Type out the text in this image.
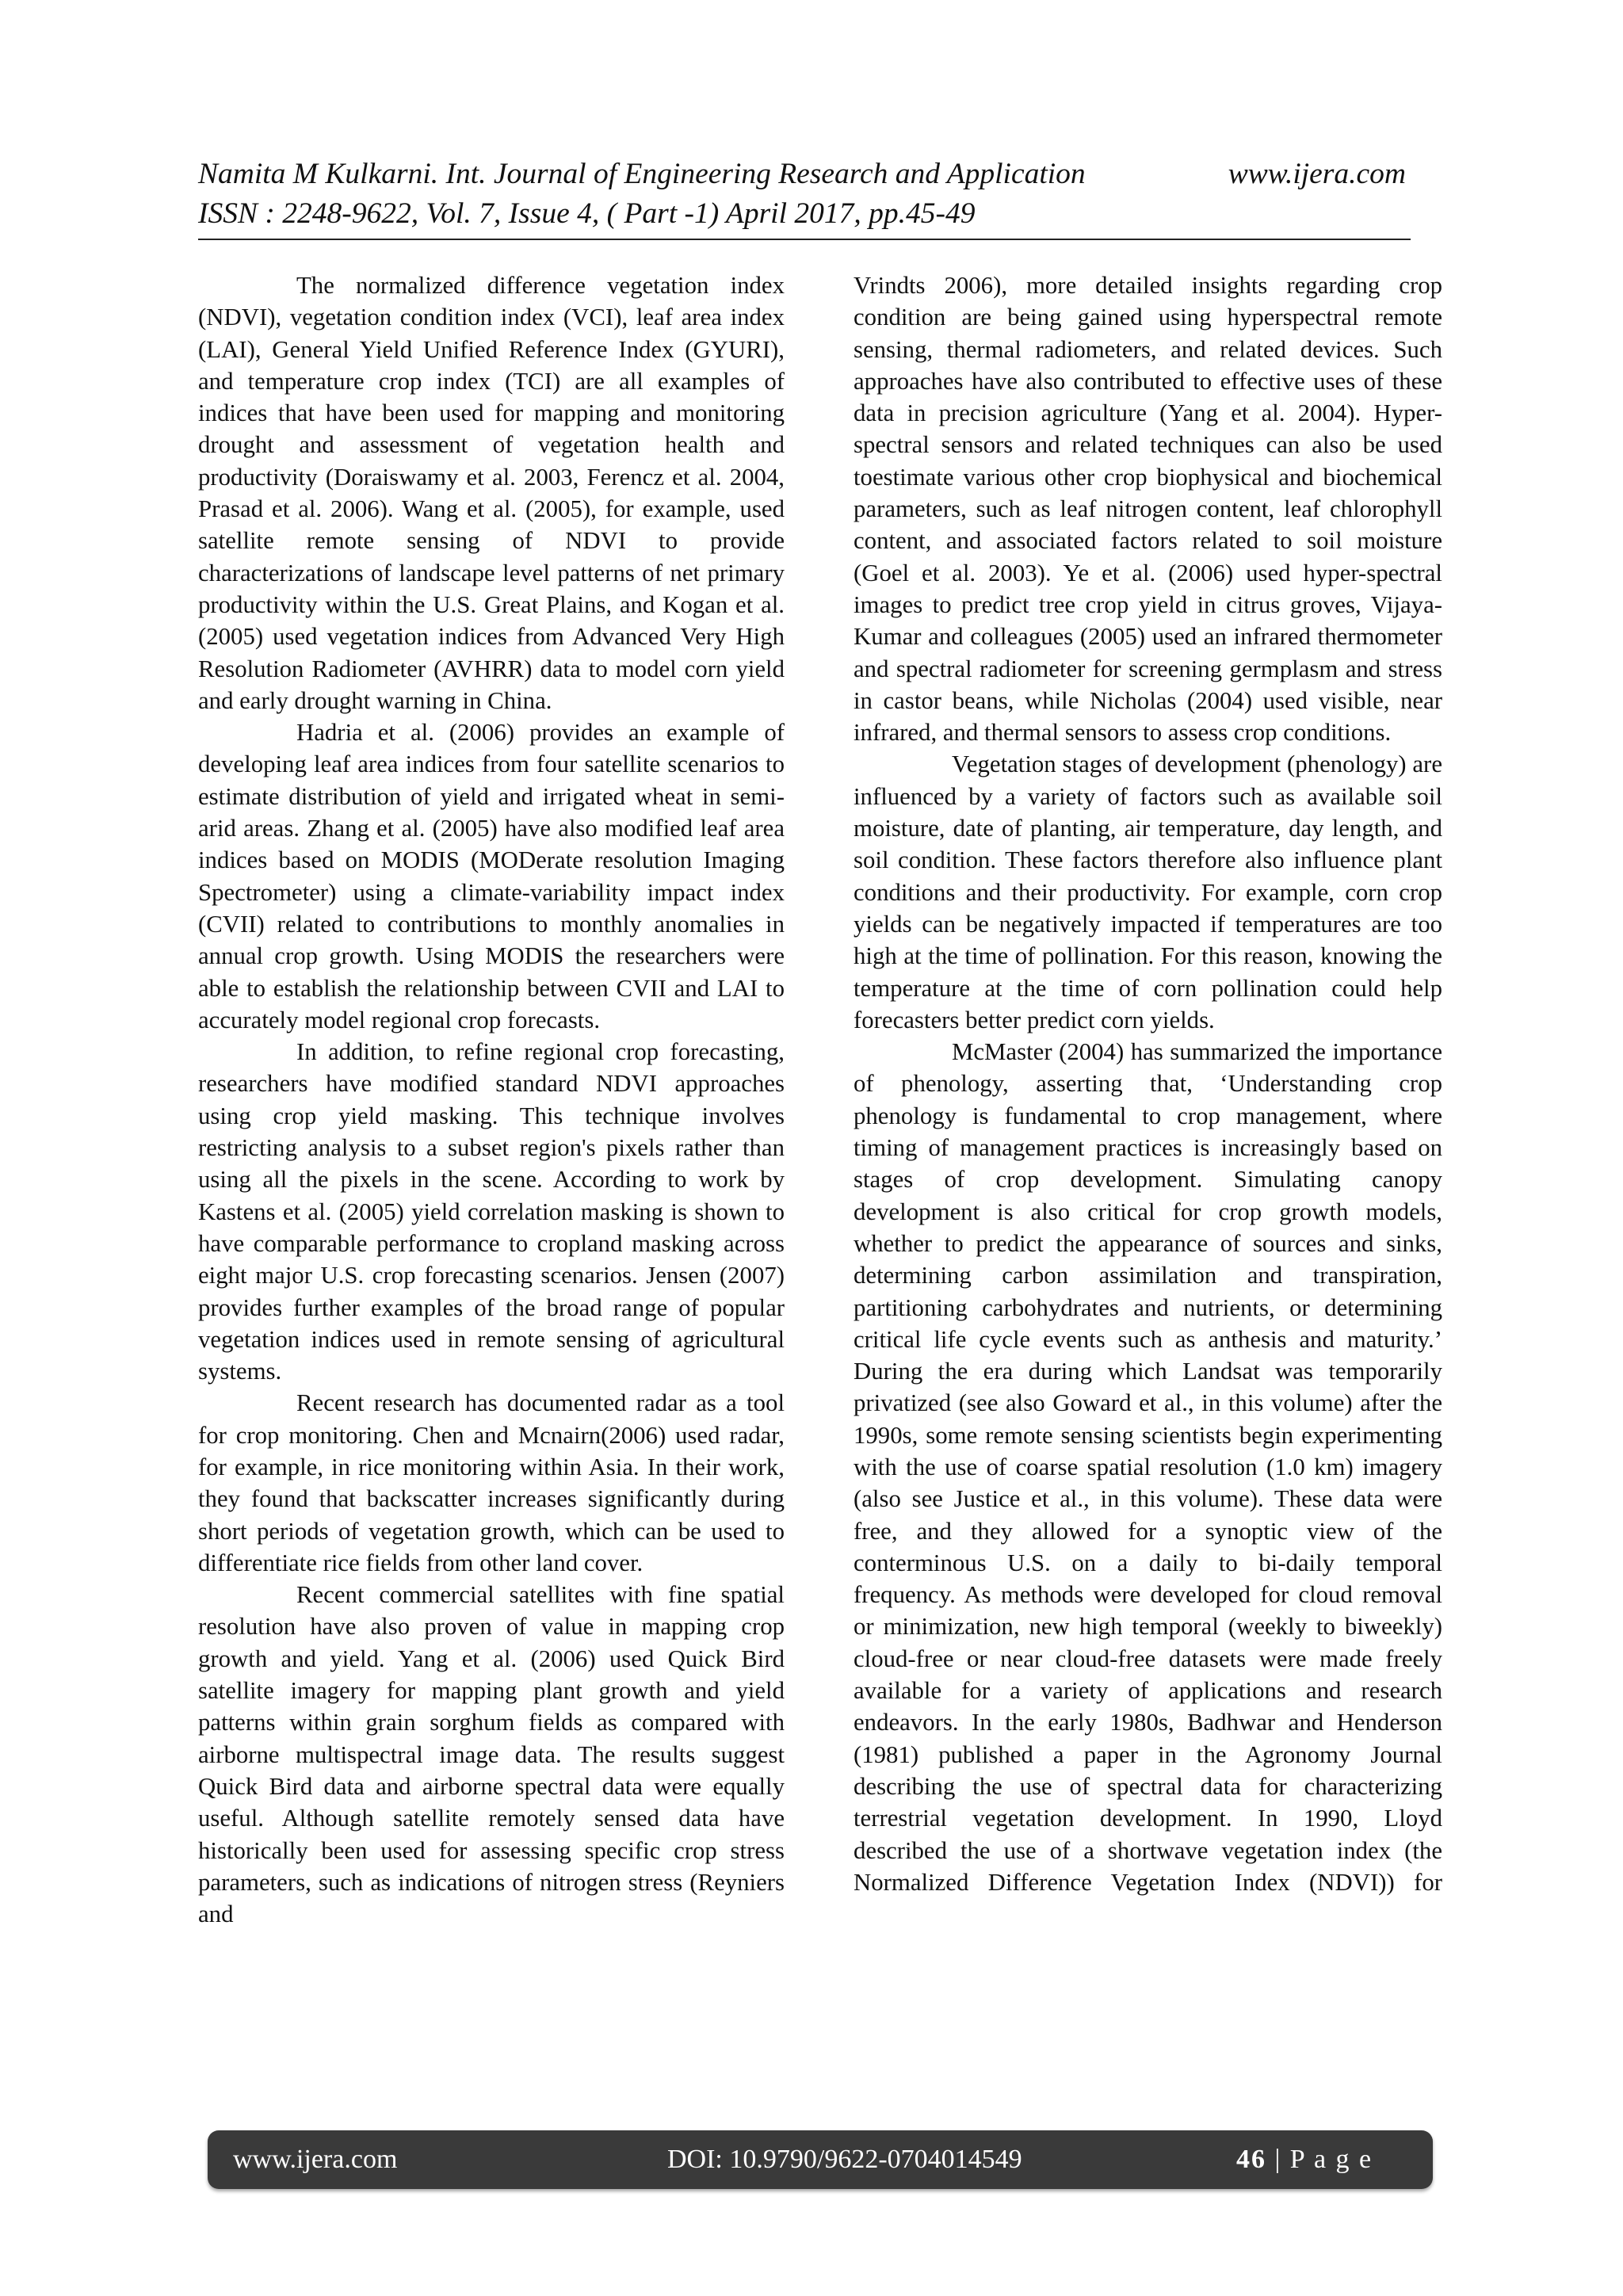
Namita M Kulkarni. Int. Journal of Engineering Research and Application	www.ijera.com
ISSN : 2248-9622, Vol. 7, Issue 4, ( Part -1) April 2017, pp.45-49

The normalized difference vegetation index (NDVI), vegetation condition index (VCI), leaf area index (LAI), General Yield Unified Reference Index (GYURI), and temperature crop index (TCI) are all examples of indices that have been used for mapping and monitoring drought and assessment of vegetation health and productivity (Doraiswamy et al. 2003, Ferencz et al. 2004, Prasad et al. 2006). Wang et al. (2005), for example, used satellite remote sensing of NDVI to provide characterizations of landscape level patterns of net primary productivity within the U.S. Great Plains, and Kogan et al. (2005) used vegetation indices from Advanced Very High Resolution Radiometer (AVHRR) data to model corn yield and early drought warning in China.

Hadria et al. (2006) provides an example of developing leaf area indices from four satellite scenarios to estimate distribution of yield and irrigated wheat in semi-arid areas. Zhang et al. (2005) have also modified leaf area indices based on MODIS (MODerate resolution Imaging Spectrometer) using a climate-variability impact index (CVII) related to contributions to monthly anomalies in annual crop growth. Using MODIS the researchers were able to establish the relationship between CVII and LAI to accurately model regional crop forecasts.

In addition, to refine regional crop forecasting, researchers have modified standard NDVI approaches using crop yield masking. This technique involves restricting analysis to a subset region's pixels rather than using all the pixels in the scene. According to work by Kastens et al. (2005) yield correlation masking is shown to have comparable performance to cropland masking across eight major U.S. crop forecasting scenarios. Jensen (2007) provides further examples of the broad range of popular vegetation indices used in remote sensing of agricultural systems.

Recent research has documented radar as a tool for crop monitoring. Chen and Mcnairn(2006) used radar, for example, in rice monitoring within Asia. In their work, they found that backscatter increases significantly during short periods of vegetation growth, which can be used to differentiate rice fields from other land cover.

Recent commercial satellites with fine spatial resolution have also proven of value in mapping crop growth and yield. Yang et al. (2006) used Quick Bird satellite imagery for mapping plant growth and yield patterns within grain sorghum fields as compared with airborne multispectral image data. The results suggest Quick Bird data and airborne spectral data were equally useful. Although satellite remotely sensed data have historically been used for assessing specific crop stress parameters, such as indications of nitrogen stress (Reyniers and

Vrindts 2006), more detailed insights regarding crop condition are being gained using hyperspectral remote sensing, thermal radiometers, and related devices. Such approaches have also contributed to effective uses of these data in precision agriculture (Yang et al. 2004). Hyper-spectral sensors and related techniques can also be used toestimate various other crop biophysical and biochemical parameters, such as leaf nitrogen content, leaf chlorophyll content, and associated factors related to soil moisture (Goel et al. 2003). Ye et al. (2006) used hyper-spectral images to predict tree crop yield in citrus groves, Vijaya-Kumar and colleagues (2005) used an infrared thermometer and spectral radiometer for screening germplasm and stress in castor beans, while Nicholas (2004) used visible, near infrared, and thermal sensors to assess crop conditions.

Vegetation stages of development (phenology) are influenced by a variety of factors such as available soil moisture, date of planting, air temperature, day length, and soil condition. These factors therefore also influence plant conditions and their productivity. For example, corn crop yields can be negatively impacted if temperatures are too high at the time of pollination. For this reason, knowing the temperature at the time of corn pollination could help forecasters better predict corn yields.

McMaster (2004) has summarized the importance of phenology, asserting that, ‘Understanding crop phenology is fundamental to crop management, where timing of management practices is increasingly based on stages of crop development. Simulating canopy development is also critical for crop growth models, whether to predict the appearance of sources and sinks, determining carbon assimilation and transpiration, partitioning carbohydrates and nutrients, or determining critical life cycle events such as anthesis and maturity.’ During the era during which Landsat was temporarily privatized (see also Goward et al., in this volume) after the 1990s, some remote sensing scientists begin experimenting with the use of coarse spatial resolution (1.0 km) imagery (also see Justice et al., in this volume). These data were free, and they allowed for a synoptic view of the conterminous U.S. on a daily to bi-daily temporal frequency. As methods were developed for cloud removal or minimization, new high temporal (weekly to biweekly) cloud-free or near cloud-free datasets were made freely available for a variety of applications and research endeavors. In the early 1980s, Badhwar and Henderson (1981) published a paper in the Agronomy Journal describing the use of spectral data for characterizing terrestrial vegetation development. In 1990, Lloyd described the use of a shortwave vegetation index (the Normalized Difference Vegetation Index (NDVI)) for

www.ijera.com	DOI: 10.9790/9622-0704014549	46 | P a g e
